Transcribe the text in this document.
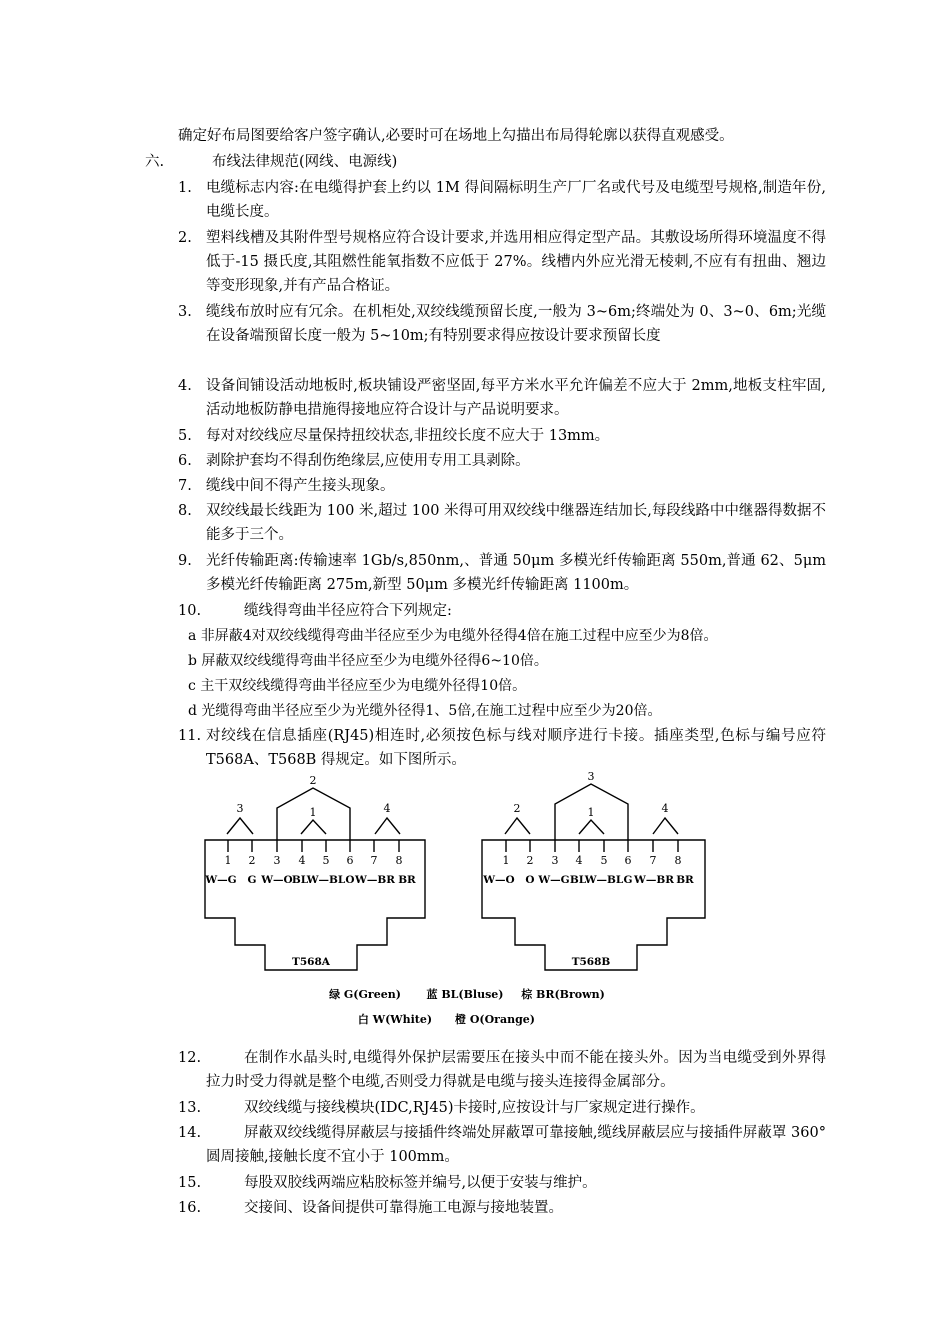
确定好布局图要给客户签字确认,必要时可在场地上勾描出布局得轮廓以获得直观感受。
六.	布线法律规范(网线、电源线)
1. 电缆标志内容:在电缆得护套上约以 1M 得间隔标明生产厂厂名或代号及电缆型号规格,制造年份,电缆长度。
2. 塑料线槽及其附件型号规格应符合设计要求,并选用相应得定型产品。其敷设场所得环境温度不得低于-15 摄氏度,其阻燃性能氧指数不应低于 27%。线槽内外应光滑无棱刺,不应有有扭曲、翘边等变形现象,并有产品合格证。
3. 缆线布放时应有冗余。在机柜处,双绞线缆预留长度,一般为 3~6m;终端处为 0、3~0、6m;光缆在设备端预留长度一般为 5~10m;有特别要求得应按设计要求预留长度
4. 设备间铺设活动地板时,板块铺设严密坚固,每平方米水平允许偏差不应大于 2mm,地板支柱牢固,活动地板防静电措施得接地应符合设计与产品说明要求。
5. 每对对绞线应尽量保持扭绞状态,非扭绞长度不应大于 13mm。
6. 剥除护套均不得刮伤绝缘层,应使用专用工具剥除。
7. 缆线中间不得产生接头现象。
8. 双绞线最长线距为 100 米,超过 100 米得可用双绞线中继器连结加长,每段线路中中继器得数据不能多于三个。
9. 光纤传输距离:传输速率 1Gb/s,850nm,、普通 50μm 多模光纤传输距离 550m,普通 62、5μm 多模光纤传输距离 275m,新型 50μm 多模光纤传输距离 1100m。
10.	缆线得弯曲半径应符合下列规定:
a 非屏蔽4对双绞线缆得弯曲半径应至少为电缆外径得4倍在施工过程中应至少为8倍。
b 屏蔽双绞线缆得弯曲半径应至少为电缆外径得6~10倍。
c 主干双绞线缆得弯曲半径应至少为电缆外径得10倍。
d 光缆得弯曲半径应至少为光缆外径得1、5倍,在施工过程中应至少为20倍。
11. 对绞线在信息插座(RJ45)相连时,必须按色标与线对顺序进行卡接。插座类型,色标与编号应符 T568A、T568B 得规定。如下图所示。
3
2
1	4
1 2 3 4 5 6 7 8
W—G G W—O BL
W—BL O W—BR BR
T568A
2
3
1	4
1 2 3 4 5 6 7 8
W—O O W—G BL
W—BL G W—BR BR
T568B
绿 G(Green) 蓝 BL(Bluse) 棕 BR(Brown)
白 W(White) 橙 O(Orange)
12.	在制作水晶头时,电缆得外保护层需要压在接头中而不能在接头外。因为当电缆受到外界得拉力时受力得就是整个电缆,否则受力得就是电缆与接头连接得金属部分。
13.	双绞线缆与接线模块(IDC,RJ45)卡接时,应按设计与厂家规定进行操作。
14.	屏蔽双绞线缆得屏蔽层与接插件终端处屏蔽罩可靠接触,缆线屏蔽层应与接插件屏蔽罩 360°圆周接触,接触长度不宜小于 100mm。
15.	每股双胶线两端应粘胶标签并编号,以便于安装与维护。
16.	交接间、设备间提供可靠得施工电源与接地装置。
